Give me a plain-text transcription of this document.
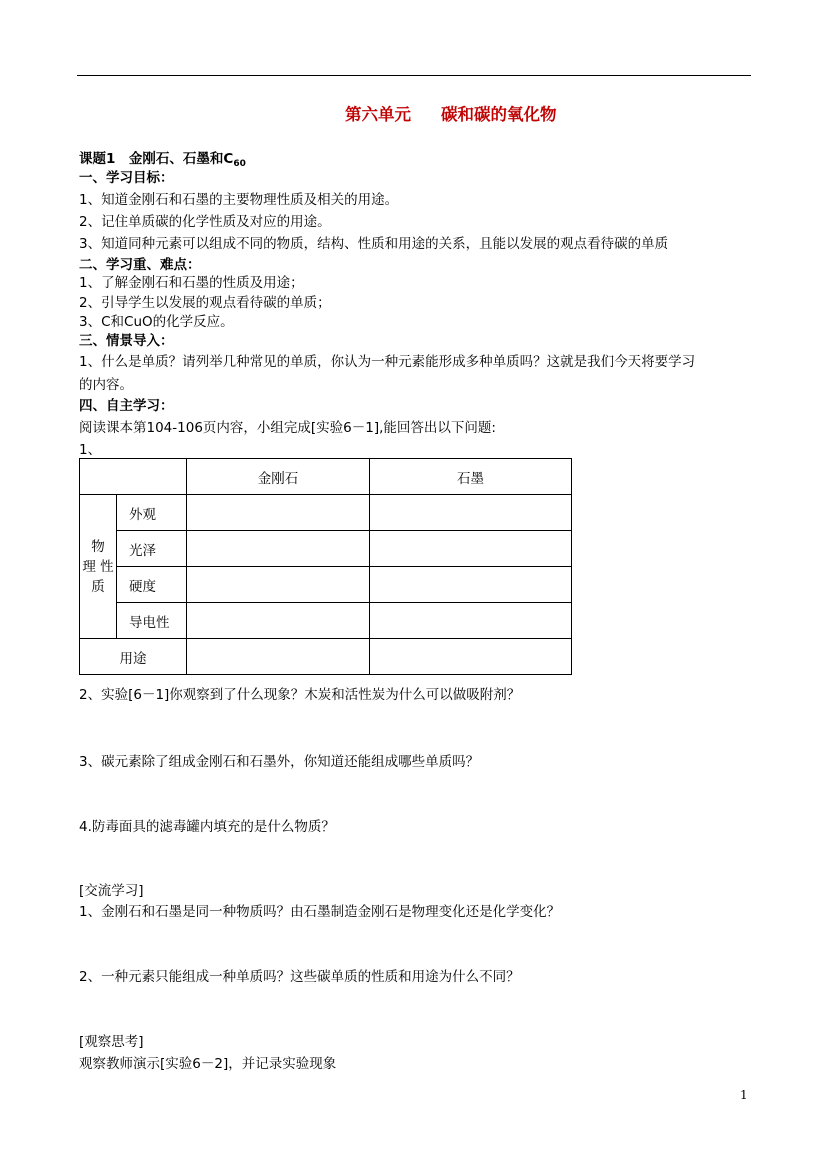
第六单元 碳和碳的氧化物
课题1　金刚石、石墨和$C_{60}$
一、学习目标：
1、知道金刚石和石墨的主要物理性质及相关的用途。
2、记住单质碳的化学性质及对应的用途。
3、知道同种元素可以组成不同的物质，结构、性质和用途的关系，且能以发展的观点看待碳的单质
二、学习重、难点：
1、了解金刚石和石墨的性质及用途；
2、引导学生以发展的观点看待碳的单质；
3、C和CuO的化学反应。
三、情景导入：
1、什么是单质？请列举几种常见的单质，你认为一种元素能形成多种单质吗？这就是我们今天将要学习
的内容。
四、自主学习：
阅读课本第104-106页内容，小组完成[实验6－1],能回答出以下问题:
1、
		金刚石	石墨
物　理 性质	外观		
	光泽		
	硬度		
	导电性		
用途			
2、实验[6－1]你观察到了什么现象？木炭和活性炭为什么可以做吸附剂？
3、碳元素除了组成金刚石和石墨外，你知道还能组成哪些单质吗？
4.防毒面具的滤毒罐内填充的是什么物质？
[交流学习]
1、金刚石和石墨是同一种物质吗？由石墨制造金刚石是物理变化还是化学变化？
2、一种元素只能组成一种单质吗？这些碳单质的性质和用途为什么不同？
[观察思考]
观察教师演示[实验6－2]，并记录实验现象
1
